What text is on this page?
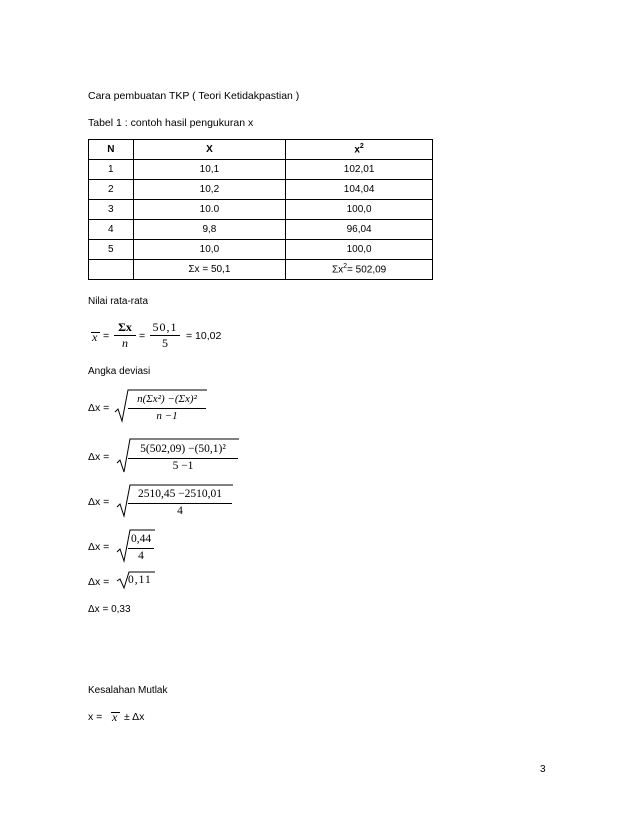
Cara pembuatan TKP ( Teori Ketidakpastian )
Tabel 1 : contoh hasil pengukuran x
N	X	$x^2$
1	10,1	102,01
2	10,2	104,04
3	10.0	100,0
4	9,8	96,04
5	10,0	100,0
	Σx = 50,1	$\Sigma x^2= 502,09$
Nilai rata-rata
x =
Σx
n	=
50,1
5	= 10,02
Angka deviasi
Δx =
n(Σx²) −(Σx)²
n −1
Δx =
5(502,09) −(50,1)²
5 −1
Δx =
2510,45 −2510,01
4
Δx =
0,44
4
Δx = 0,11
Δx = 0,33
Kesalahan Mutlak
x = x ± Δx
3
